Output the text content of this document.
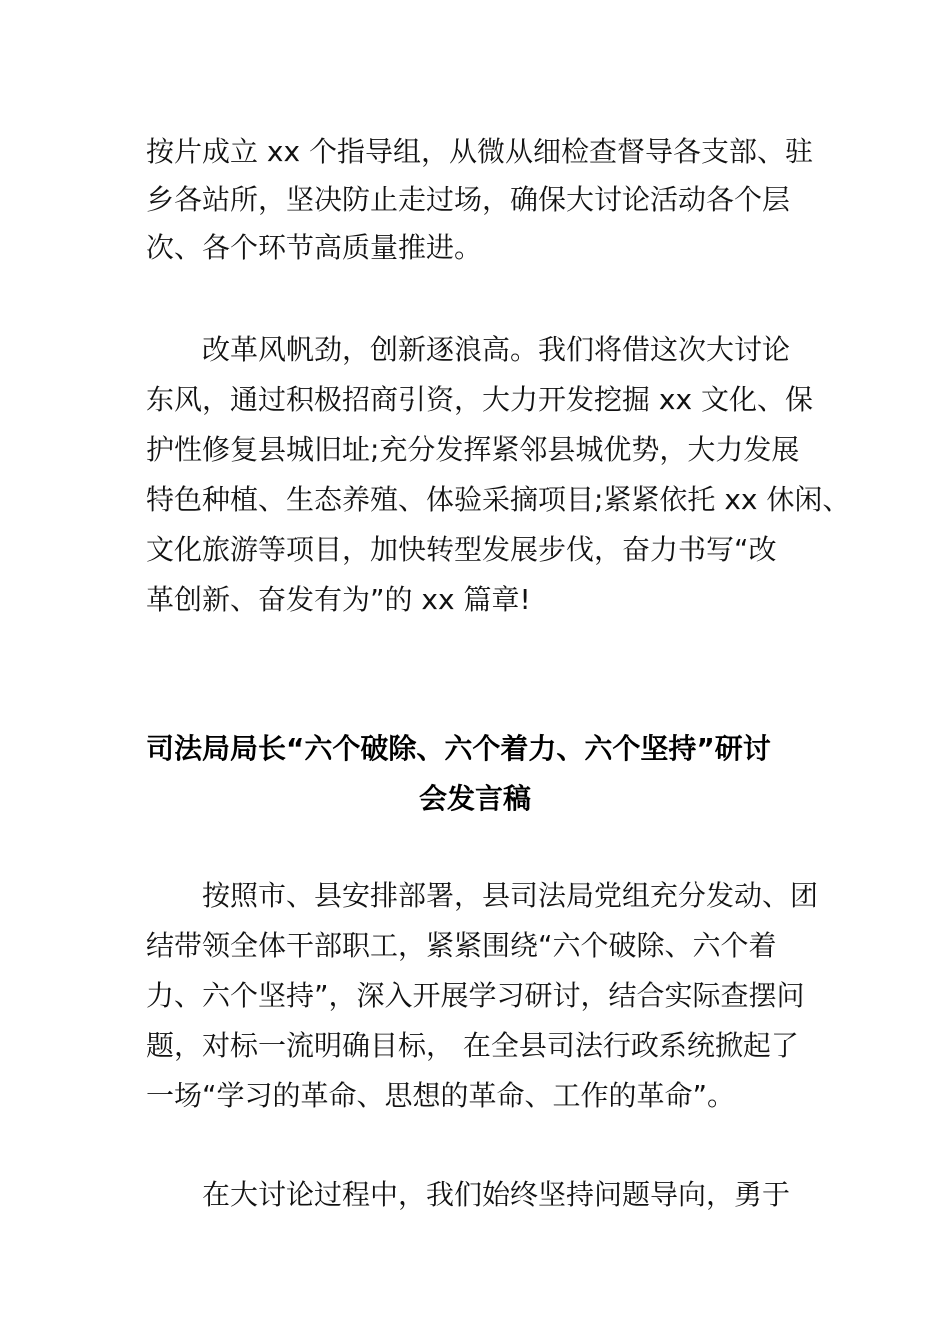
按片成立 xx 个指导组，从微从细检查督导各支部、驻

乡各站所，坚决防止走过场，确保大讨论活动各个层

次、各个环节高质量推进。

改革风帆劲，创新逐浪高。我们将借这次大讨论

东风，通过积极招商引资，大力开发挖掘 xx 文化、保

护性修复县城旧址;充分发挥紧邻县城优势，大力发展

特色种植、生态养殖、体验采摘项目;紧紧依托 xx 休闲、

文化旅游等项目，加快转型发展步伐，奋力书写“改

革创新、奋发有为”的 xx 篇章!

司法局局长“六个破除、六个着力、六个坚持”研讨
会发言稿

按照市、县安排部署，县司法局党组充分发动、团

结带领全体干部职工，紧紧围绕“六个破除、六个着

力、六个坚持”，深入开展学习研讨，结合实际查摆问

题，对标一流明确目标， 在全县司法行政系统掀起了

一场“学习的革命、思想的革命、工作的革命”。

在大讨论过程中，我们始终坚持问题导向，勇于
